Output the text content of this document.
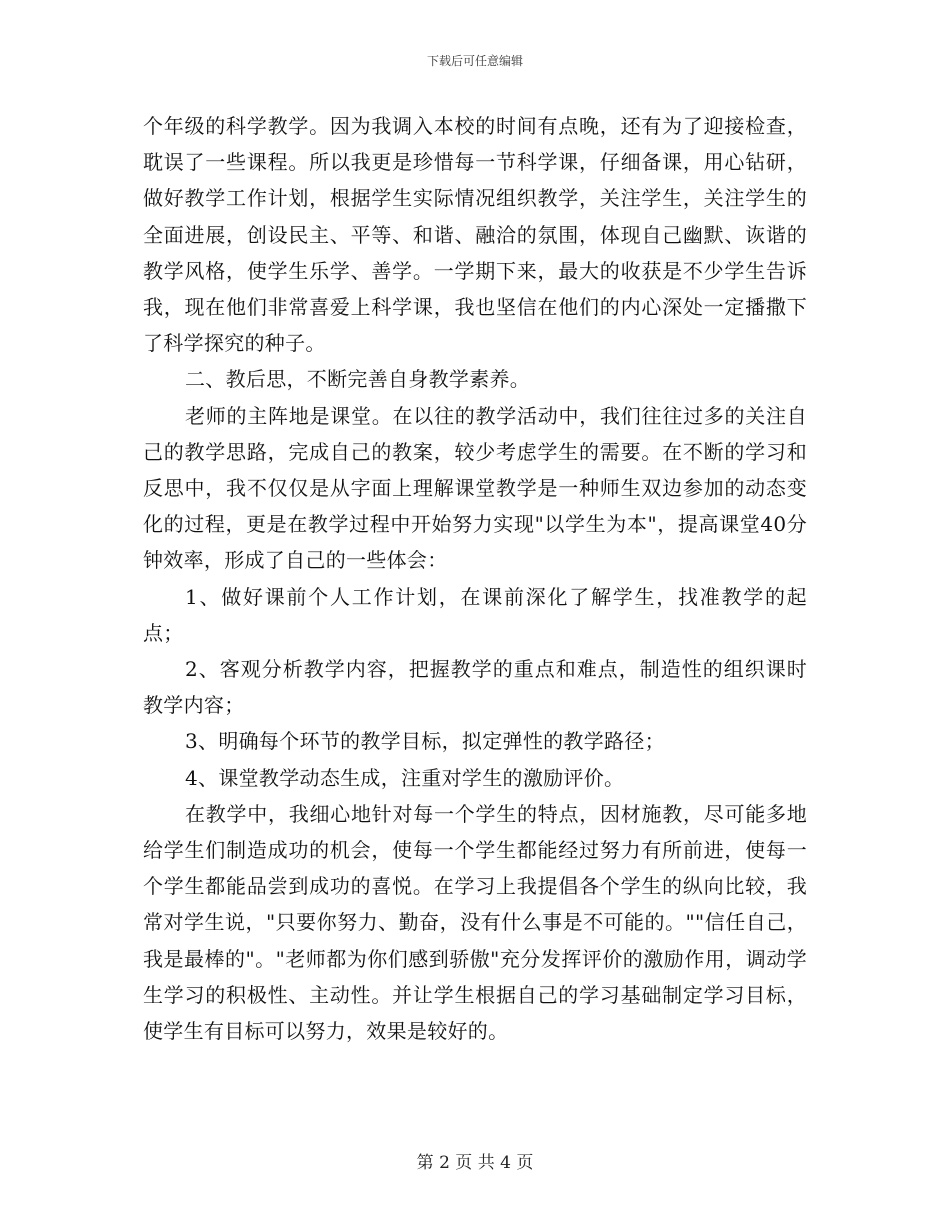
下载后可任意编辑

个年级的科学教学。因为我调入本校的时间有点晚，还有为了迎接检查，耽误了一些课程。所以我更是珍惜每一节科学课，仔细备课，用心钻研，做好教学工作计划，根据学生实际情况组织教学，关注学生，关注学生的全面进展，创设民主、平等、和谐、融洽的氛围，体现自己幽默、诙谐的教学风格，使学生乐学、善学。一学期下来，最大的收获是不少学生告诉我，现在他们非常喜爱上科学课，我也坚信在他们的内心深处一定播撒下了科学探究的种子。

二、教后思，不断完善自身教学素养。

老师的主阵地是课堂。在以往的教学活动中，我们往往过多的关注自己的教学思路，完成自己的教案，较少考虑学生的需要。在不断的学习和反思中，我不仅仅是从字面上理解课堂教学是一种师生双边参加的动态变化的过程，更是在教学过程中开始努力实现"以学生为本"，提高课堂40分钟效率，形成了自己的一些体会：

1、做好课前个人工作计划，在课前深化了解学生，找准教学的起点；

2、客观分析教学内容，把握教学的重点和难点，制造性的组织课时教学内容；

3、明确每个环节的教学目标，拟定弹性的教学路径；

4、课堂教学动态生成，注重对学生的激励评价。

在教学中，我细心地针对每一个学生的特点，因材施教，尽可能多地给学生们制造成功的机会，使每一个学生都能经过努力有所前进，使每一个学生都能品尝到成功的喜悦。在学习上我提倡各个学生的纵向比较，我常对学生说，"只要你努力、勤奋，没有什么事是不可能的。""信任自己，我是最棒的"。"老师都为你们感到骄傲"充分发挥评价的激励作用，调动学生学习的积极性、主动性。并让学生根据自己的学习基础制定学习目标，使学生有目标可以努力，效果是较好的。

第 2 页 共 4 页
